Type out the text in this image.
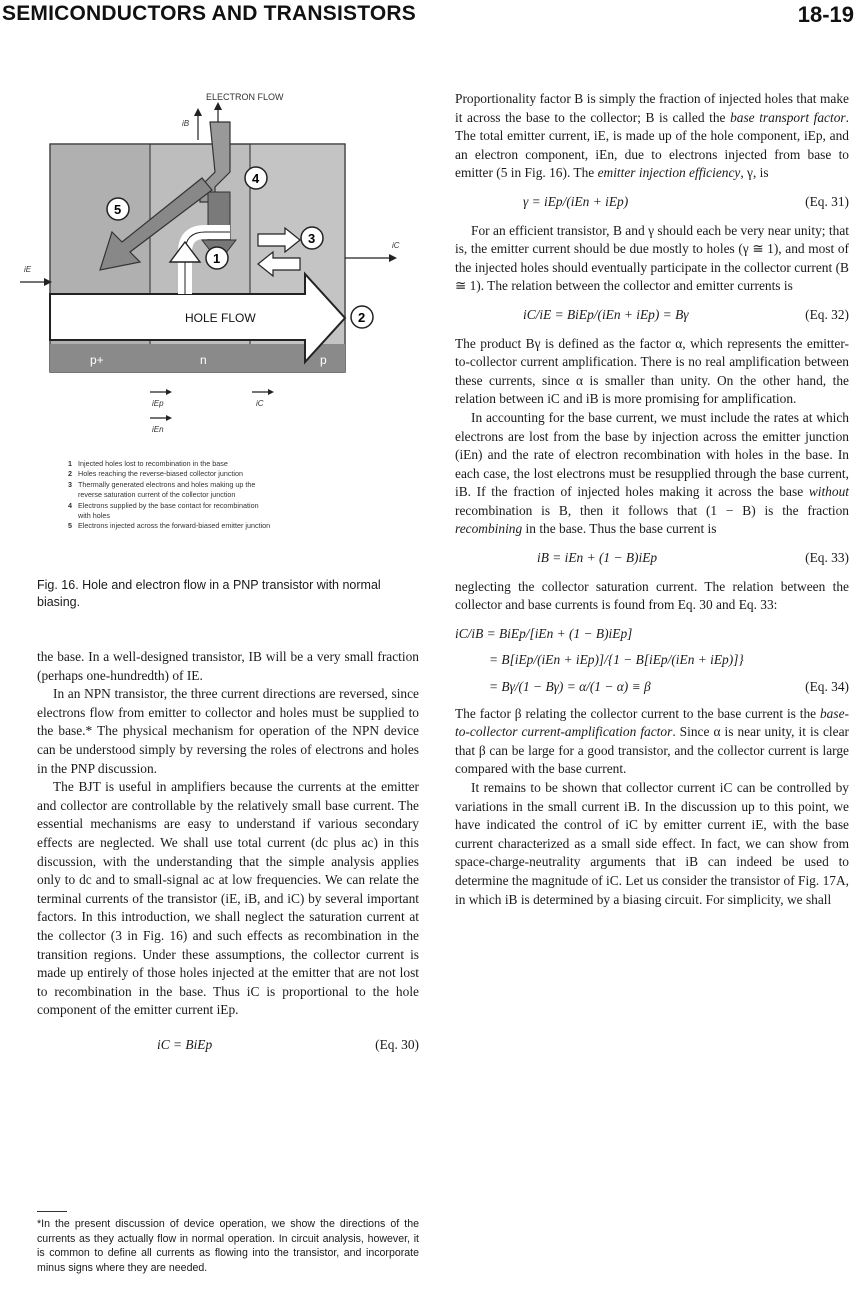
SEMICONDUCTORS AND TRANSISTORS	18-19
p+	n	p
HOLE FLOW
5
4
1
3
2
ELECTRON FLOW
iB
iE
iC
iEp	iC
iEn
1 Injected holes lost to recombination in the base
2 Holes reaching the reverse-biased collector junction
3 Thermally generated electrons and holes making up the
reverse saturation current of the collector junction
4 Electrons supplied by the base contact for recombination
with holes
5 Electrons injected across the forward-biased emitter junction
Fig. 16. Hole and electron flow in a PNP transistor with normal biasing.

the base. In a well-designed transistor, IB will be a very small fraction (perhaps one-hundredth) of IE.

In an NPN transistor, the three current directions are reversed, since electrons flow from emitter to collector and holes must be supplied to the base.* The physical mechanism for operation of the NPN device can be understood simply by reversing the roles of electrons and holes in the PNP discussion.

The BJT is useful in amplifiers because the currents at the emitter and collector are controllable by the relatively small base current. The essential mechanisms are easy to understand if various secondary effects are neglected. We shall use total current (dc plus ac) in this discussion, with the understanding that the simple analysis applies only to dc and to small-signal ac at low frequencies. We can relate the terminal currents of the transistor (iE, iB, and iC) by several important factors. In this introduction, we shall neglect the saturation current at the collector (3 in Fig. 16) and such effects as recombination in the transition regions. Under these assumptions, the collector current is made up entirely of those holes injected at the emitter that are not lost to recombination in the base. Thus iC is proportional to the hole component of the emitter current iEp.

iC = BiEp	(Eq. 30)
*In the present discussion of device operation, we show the directions of the currents as they actually flow in normal operation. In circuit analysis, however, it is common to define all currents as flowing into the transistor, and incorporate minus signs where they are needed.

Proportionality factor B is simply the fraction of injected holes that make it across the base to the collector; B is called the base transport factor. The total emitter current, iE, is made up of the hole component, iEp, and an electron component, iEn, due to electrons injected from base to emitter (5 in Fig. 16). The emitter injection efficiency, γ, is

γ = iEp/(iEn + iEp)	(Eq. 31)

For an efficient transistor, B and γ should each be very near unity; that is, the emitter current should be due mostly to holes (γ ≅ 1), and most of the injected holes should eventually participate in the collector current (B ≅ 1). The relation between the collector and emitter currents is

iC/iE = BiEp/(iEn + iEp) = Bγ	(Eq. 32)

The product Bγ is defined as the factor α, which represents the emitter-to-collector current amplification. There is no real amplification between these currents, since α is smaller than unity. On the other hand, the relation between iC and iB is more promising for amplification.

In accounting for the base current, we must include the rates at which electrons are lost from the base by injection across the emitter junction (iEn) and the rate of electron recombination with holes in the base. In each case, the lost electrons must be resupplied through the base current, iB. If the fraction of injected holes making it across the base without recombination is B, then it follows that (1 − B) is the fraction recombining in the base. Thus the base current is

iB = iEn + (1 − B)iEp	(Eq. 33)

neglecting the collector saturation current. The relation between the collector and base currents is found from Eq. 30 and Eq. 33:

iC/iB = BiEp/[iEn + (1 − B)iEp]
= B[iEp/(iEn + iEp)]/{1 − B[iEp/(iEn + iEp)]}
= Bγ/(1 − Bγ) = α/(1 − α) ≡ β	(Eq. 34)

The factor β relating the collector current to the base current is the base-to-collector current-amplification factor. Since α is near unity, it is clear that β can be large for a good transistor, and the collector current is large compared with the base current.

It remains to be shown that collector current iC can be controlled by variations in the small current iB. In the discussion up to this point, we have indicated the control of iC by emitter current iE, with the base current characterized as a small side effect. In fact, we can show from space-charge-neutrality arguments that iB can indeed be used to determine the magnitude of iC. Let us consider the transistor of Fig. 17A, in which iB is determined by a biasing circuit. For simplicity, we shall
